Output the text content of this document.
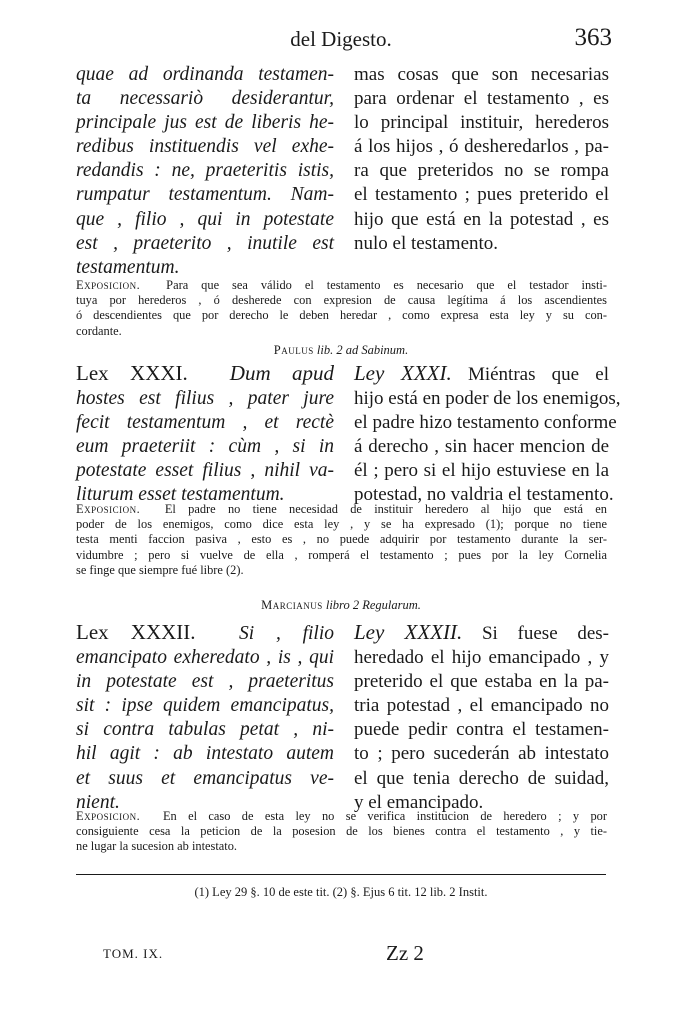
del Digesto.	363
quae ad ordinanda testamen-
ta necessariò desiderantur,
principale jus est de liberis he-
redibus instituendis vel exhe-
redandis : ne, praeteritis istis,
rumpatur testamentum. Nam-
que , filio , qui in potestate
est , praeterito , inutile est
testamentum.
mas cosas que son necesarias
para ordenar el testamento , es
lo principal instituir, herederos
á los hijos , ó desheredarlos , pa-
ra que preteridos no se rompa
el testamento ; pues preterido el
hijo que está en la potestad , es
nulo el testamento.
Exposicion. Para que sea válido el testamento es necesario que el testador insti-
tuya por herederos , ó desherede con expresion de causa legítima á los ascendientes
ó descendientes que por derecho le deben heredar , como expresa esta ley y su con-
cordante.
Paulus lib. 2 ad Sabinum.
Lex XXXI. Dum apud
hostes est filius , pater jure
fecit testamentum , et rectè
eum praeteriit : cùm , si in
potestate esset filius , nihil va-
liturum esset testamentum.
Ley XXXI. Miéntras que el
hijo está en poder de los enemigos,
el padre hizo testamento conforme
á derecho , sin hacer mencion de
él ; pero si el hijo estuviese en la
potestad, no valdria el testamento.
Exposicion. El padre no tiene necesidad de instituir heredero al hijo que está en
poder de los enemigos, como dice esta ley , y se ha expresado (1); porque no tiene
testa menti faccion pasiva , esto es , no puede adquirir por testamento durante la ser-
vidumbre ; pero si vuelve de ella , romperá el testamento ; pues por la ley Cornelia
se finge que siempre fué libre (2).
Marcianus libro 2 Regularum.
Lex XXXII. Si , filio
emancipato exheredato , is , qui
in potestate est , praeteritus
sit : ipse quidem emancipatus,
si contra tabulas petat , ni-
hil agit : ab intestato autem
et suus et emancipatus ve-
nient.
Ley XXXII. Si fuese des-
heredado el hijo emancipado , y
preterido el que estaba en la pa-
tria potestad , el emancipado no
puede pedir contra el testamen-
to ; pero sucederán ab intestato
el que tenia derecho de suidad,
y el emancipado.
Exposicion. En el caso de esta ley no se verifica institucion de heredero ; y por
consiguiente cesa la peticion de la posesion de los bienes contra el testamento , y tie-
ne lugar la sucesion ab intestato.
(1) Ley 29 §. 10 de este tit. (2) §. Ejus 6 tit. 12 lib. 2 Instit.
TOM. IX.	Zz 2
